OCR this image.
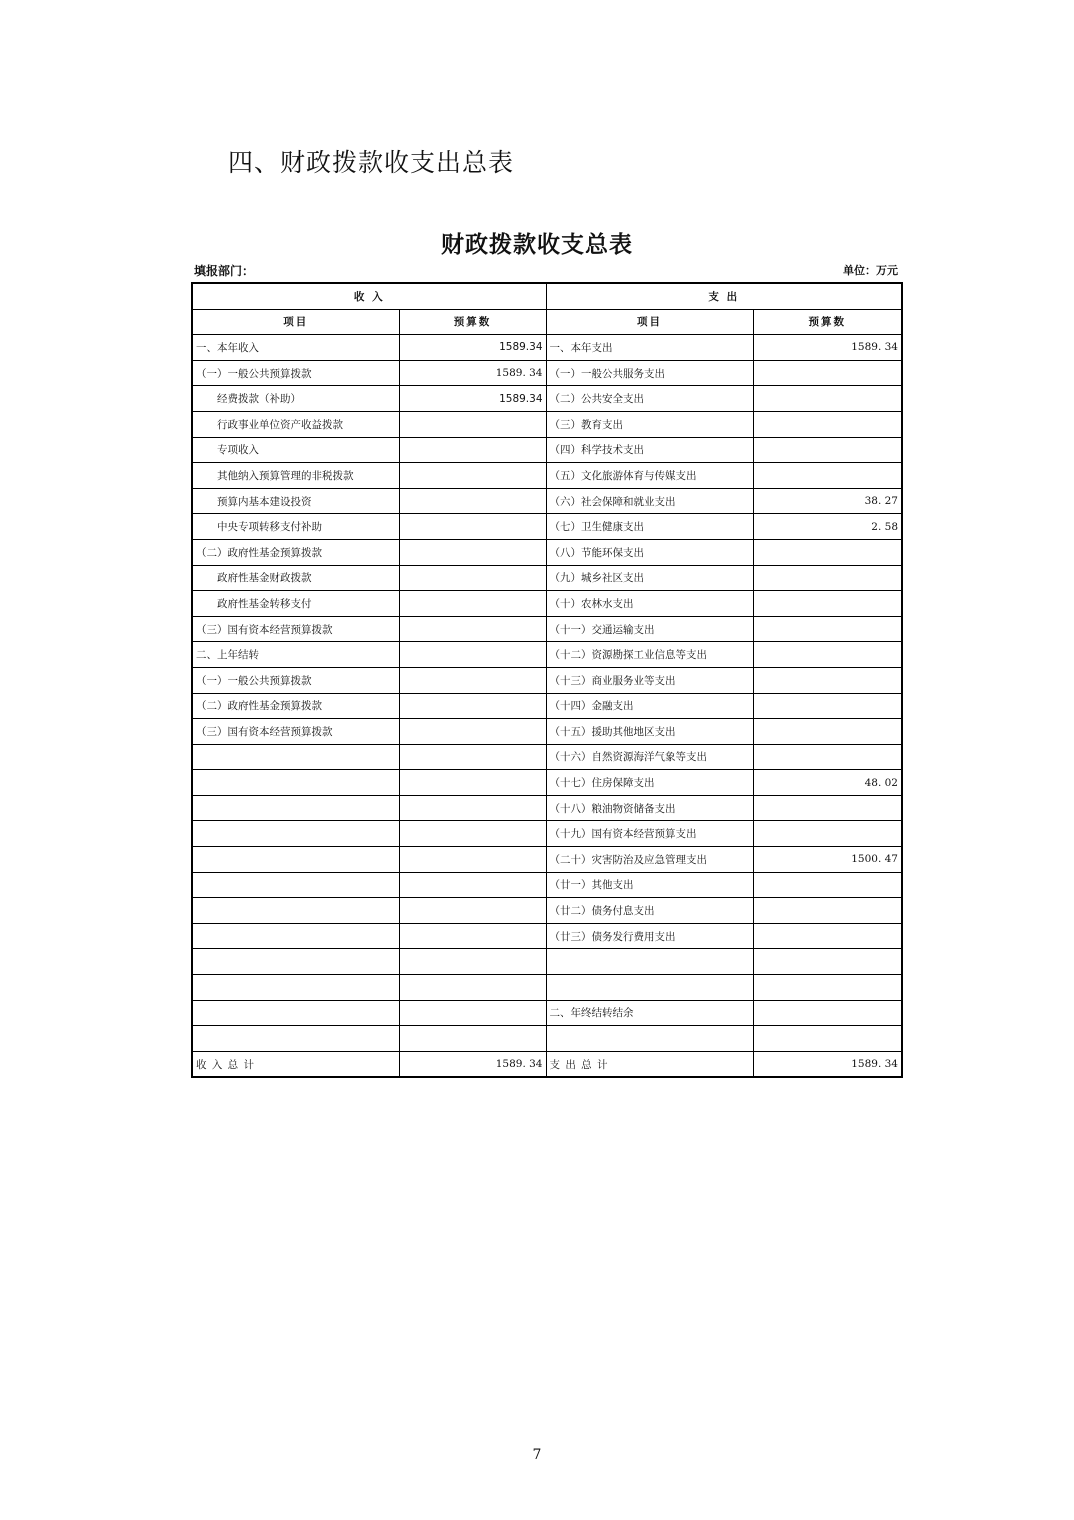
四、财政拨款收支出总表
财政拨款收支总表
填报部门：	单位：万元
收 入		支 出	
项目	预算数	项目	预算数
一、本年收入	1589.34	一、本年支出	1589. 34
（一）一般公共预算拨款	1589. 34	（一）一般公共服务支出	
经费拨款（补助）	1589.34	（二）公共安全支出	
行政事业单位资产收益拨款		（三）教育支出	
专项收入		（四）科学技术支出	
其他纳入预算管理的非税拨款		（五）文化旅游体育与传媒支出	
预算内基本建设投资		（六）社会保障和就业支出	38. 27
中央专项转移支付补助		（七）卫生健康支出	2. 58
（二）政府性基金预算拨款		（八）节能环保支出	
政府性基金财政拨款		（九）城乡社区支出	
政府性基金转移支付		（十）农林水支出	
（三）国有资本经营预算拨款		（十一）交通运输支出	
二、上年结转		（十二）资源勘探工业信息等支出	
（一）一般公共预算拨款		（十三）商业服务业等支出	
（二）政府性基金预算拨款		（十四）金融支出	
（三）国有资本经营预算拨款		（十五）援助其他地区支出	
		（十六）自然资源海洋气象等支出	
		（十七）住房保障支出	48. 02
		（十八）粮油物资储备支出	
		（十九）国有资本经营预算支出	
		（二十）灾害防治及应急管理支出	1500. 47
		（廿一）其他支出	
		（廿二）债务付息支出	
		（廿三）债务发行费用支出	

		二、年终结转结余	

收 入 总 计	1589. 34	支 出 总 计	1589. 34
7
